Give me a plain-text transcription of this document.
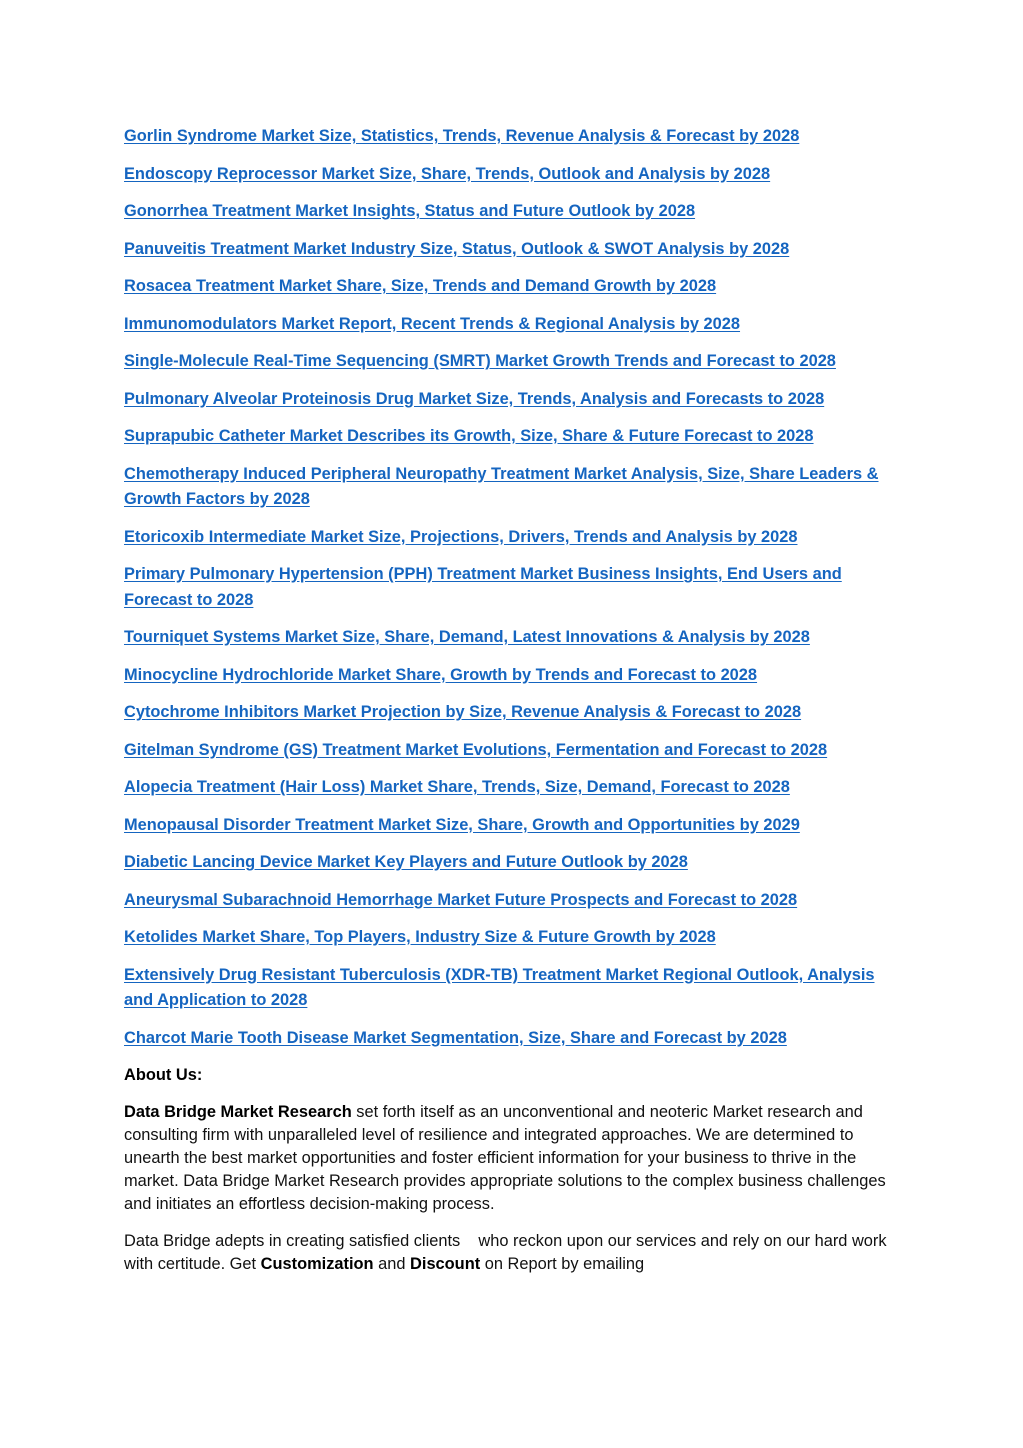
Gorlin Syndrome Market Size, Statistics, Trends, Revenue Analysis & Forecast by 2028
Endoscopy Reprocessor Market Size, Share, Trends, Outlook and Analysis by 2028
Gonorrhea Treatment Market Insights, Status and Future Outlook by 2028
Panuveitis Treatment Market Industry Size, Status, Outlook & SWOT Analysis by 2028
Rosacea Treatment Market Share, Size, Trends and Demand Growth by 2028
Immunomodulators Market Report, Recent Trends & Regional Analysis by 2028
Single-Molecule Real-Time Sequencing (SMRT) Market Growth Trends and Forecast to 2028
Pulmonary Alveolar Proteinosis Drug Market Size, Trends, Analysis and Forecasts to 2028
Suprapubic Catheter Market Describes its Growth, Size, Share & Future Forecast to 2028
Chemotherapy Induced Peripheral Neuropathy Treatment Market Analysis, Size, Share Leaders & Growth Factors by 2028
Etoricoxib Intermediate Market Size, Projections, Drivers, Trends and Analysis by 2028
Primary Pulmonary Hypertension (PPH) Treatment Market Business Insights, End Users and Forecast to 2028
Tourniquet Systems Market Size, Share, Demand, Latest Innovations & Analysis by 2028
Minocycline Hydrochloride Market Share, Growth by Trends and Forecast to 2028
Cytochrome Inhibitors Market Projection by Size, Revenue Analysis & Forecast to 2028
Gitelman Syndrome (GS) Treatment Market Evolutions, Fermentation and Forecast to 2028
Alopecia Treatment (Hair Loss) Market Share, Trends, Size, Demand, Forecast to 2028
Menopausal Disorder Treatment Market Size, Share, Growth and Opportunities by 2029
Diabetic Lancing Device Market Key Players and Future Outlook by 2028
Aneurysmal Subarachnoid Hemorrhage Market Future Prospects and Forecast to 2028
Ketolides Market Share, Top Players, Industry Size & Future Growth by 2028
Extensively Drug Resistant Tuberculosis (XDR-TB) Treatment Market Regional Outlook, Analysis and Application to 2028
Charcot Marie Tooth Disease Market Segmentation, Size, Share and Forecast by 2028
About Us:

Data Bridge Market Research set forth itself as an unconventional and neoteric Market research and consulting firm with unparalleled level of resilience and integrated approaches. We are determined to unearth the best market opportunities and foster efficient information for your business to thrive in the market. Data Bridge Market Research provides appropriate solutions to the complex business challenges and initiates an effortless decision-making process.

Data Bridge adepts in creating satisfied clients    who reckon upon our services and rely on our hard work with certitude. Get Customization and Discount on Report by emailing
